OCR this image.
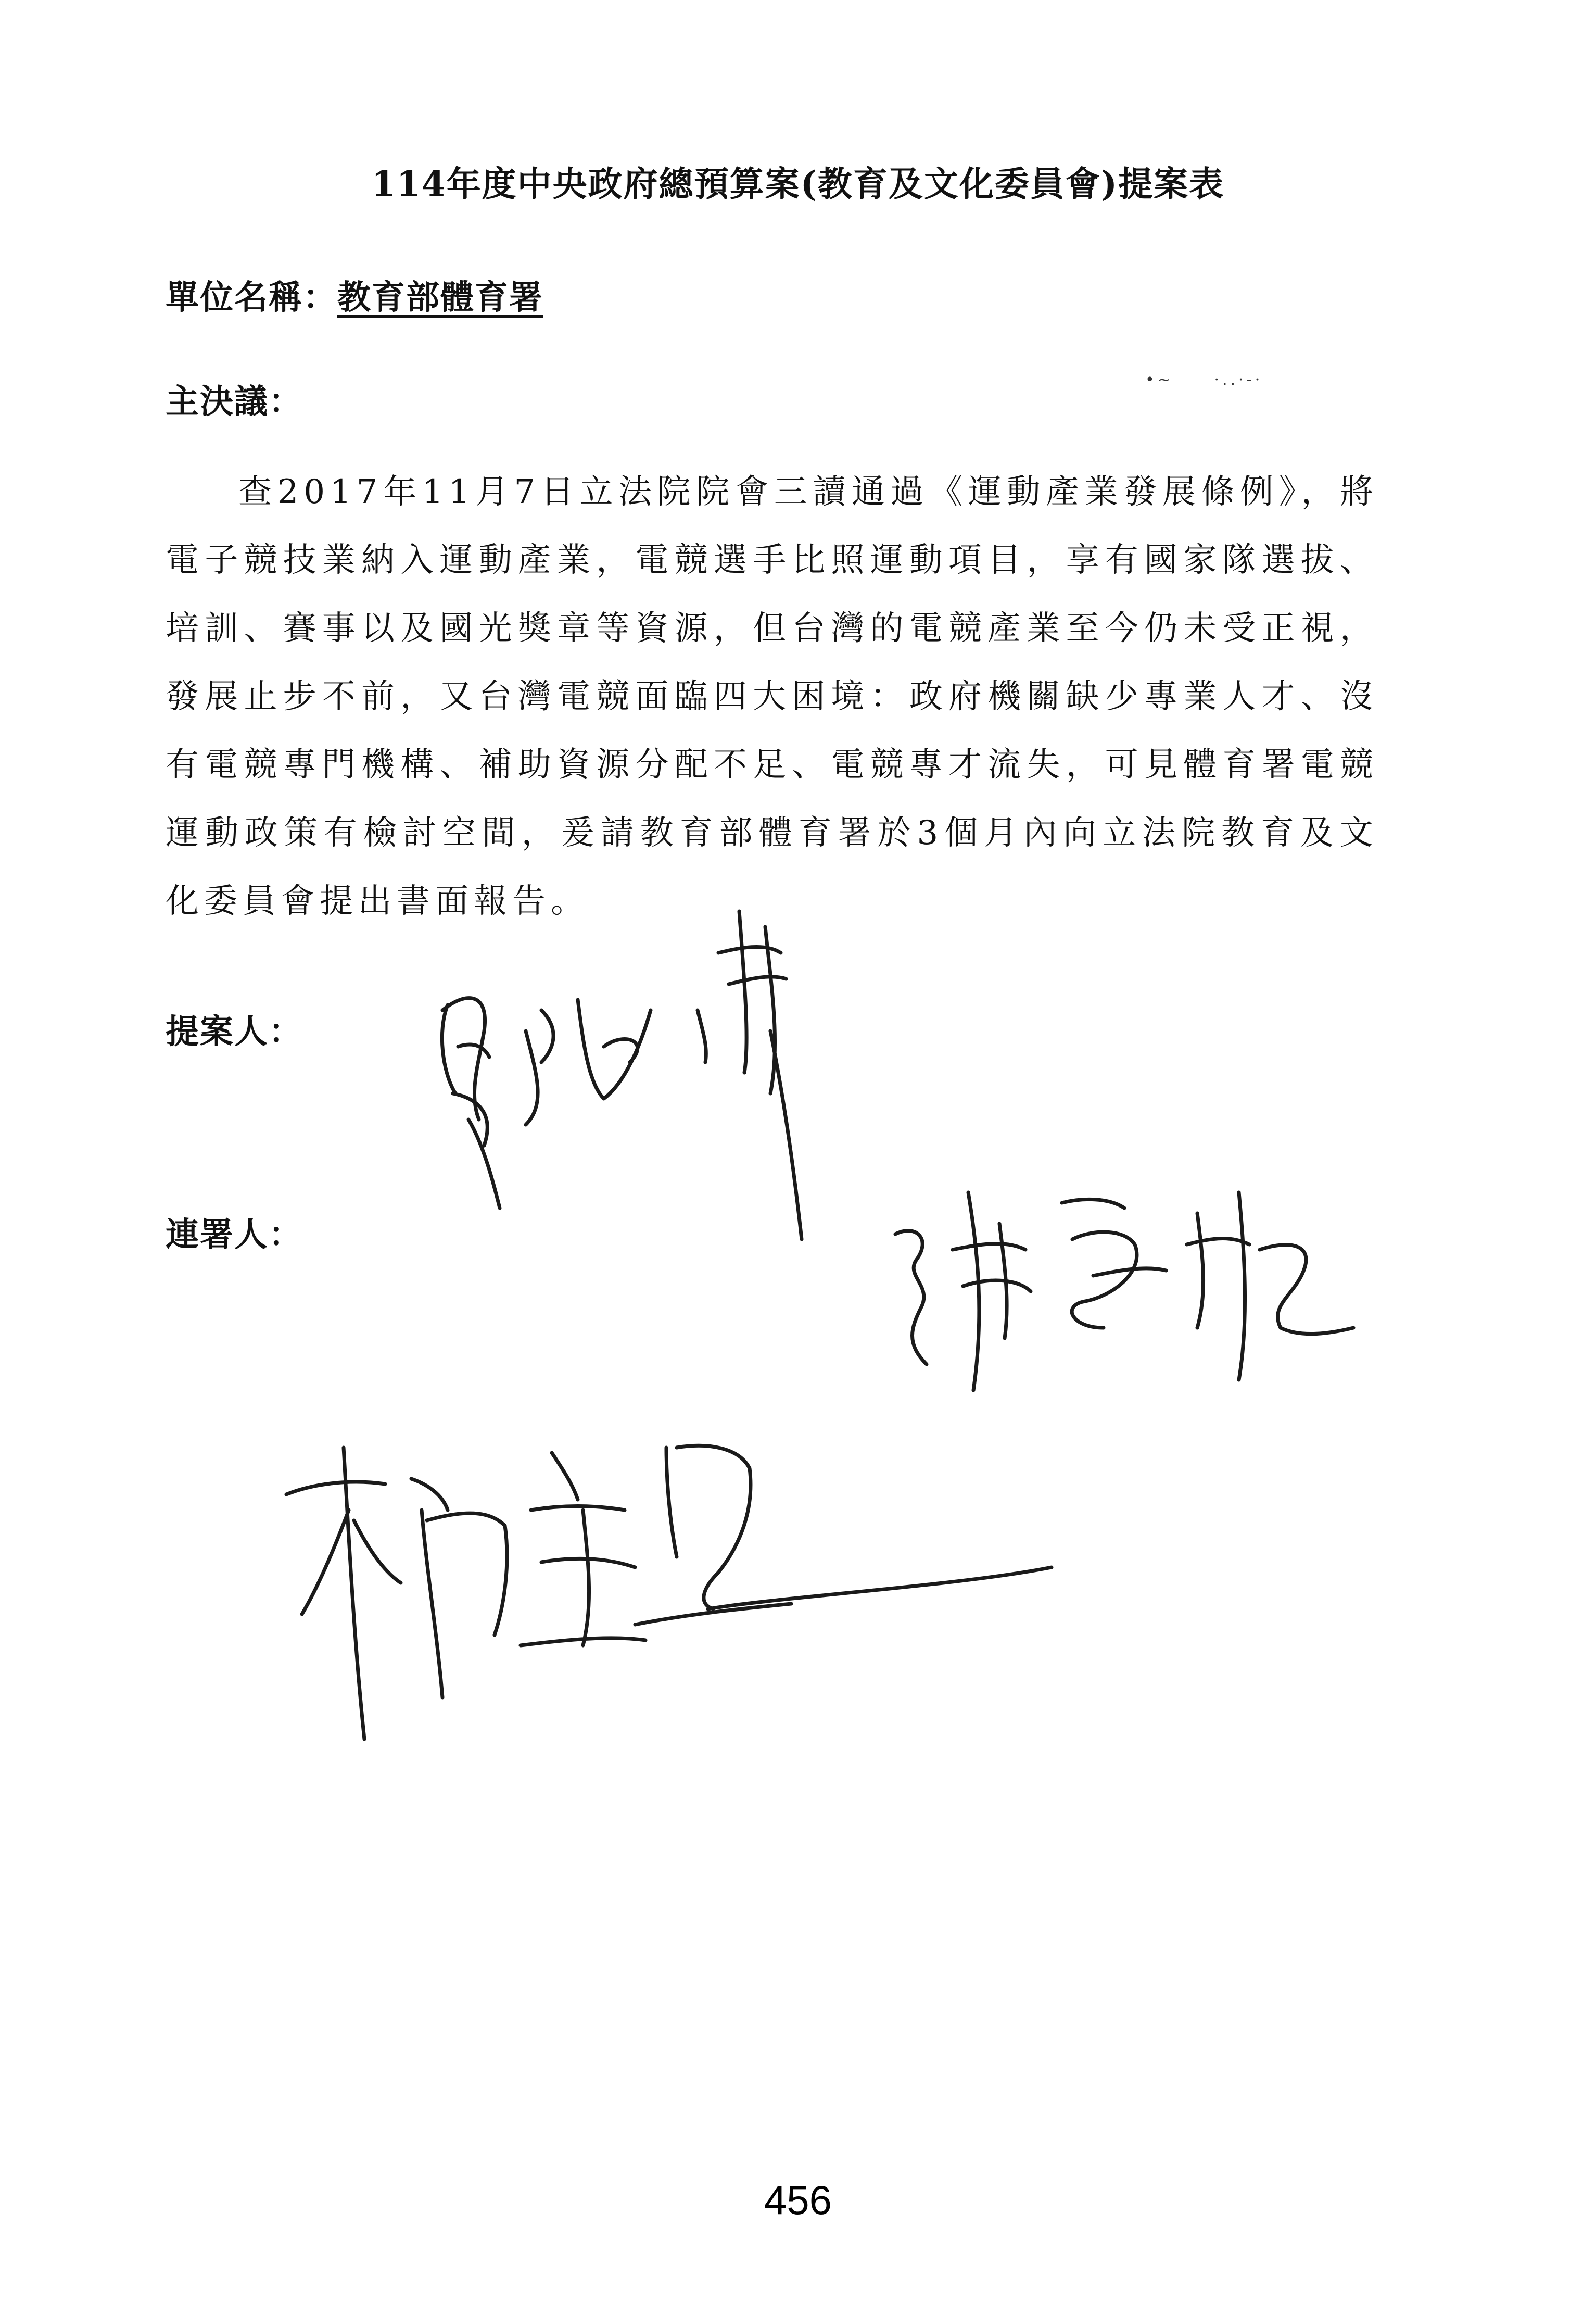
114年度中央政府總預算案(教育及文化委員會)提案表
單位名稱：教育部體育署
主決議：
•~     ·..·-·
查2017年11月7日立法院院會三讀通過《運動產業發展條例》，將電子競技業納入運動產業，電競選手比照運動項目，享有國家隊選拔、培訓、賽事以及國光獎章等資源，但台灣的電競產業至今仍未受正視，發展止步不前，又台灣電競面臨四大困境：政府機關缺少專業人才、沒有電競專門機構、補助資源分配不足、電競專才流失，可見體育署電競運動政策有檢討空間，爰請教育部體育署於3個月內向立法院教育及文化委員會提出書面報告。
提案人：
連署人：
456
